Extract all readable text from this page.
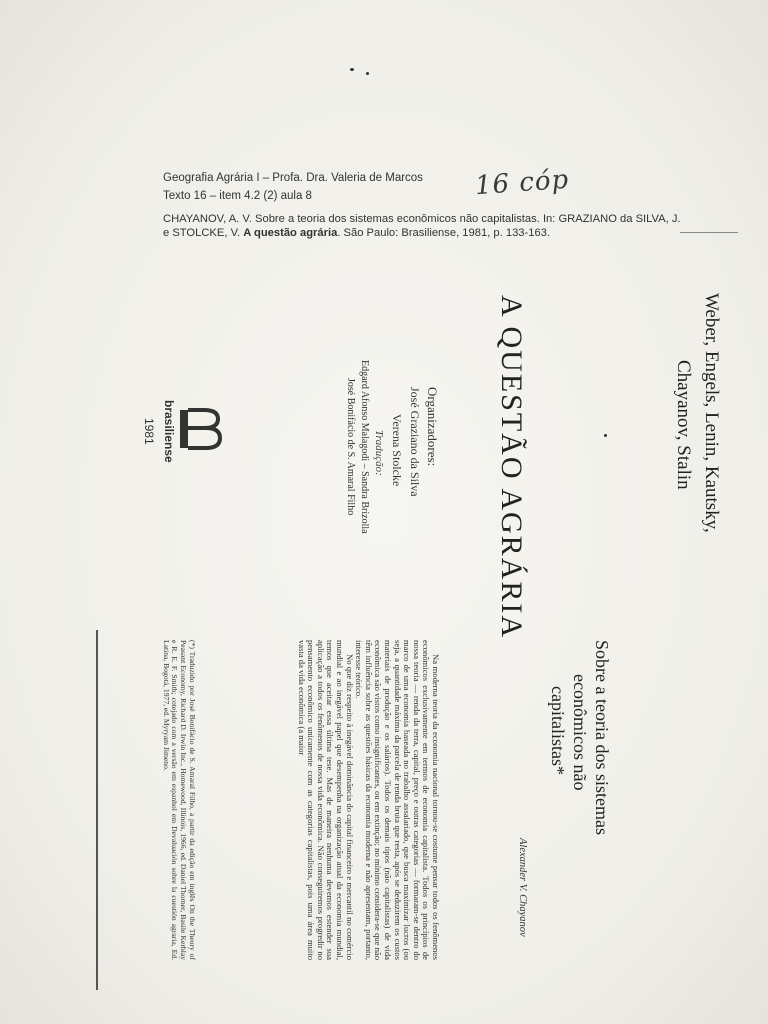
Geografia Agrária I – Profa. Dra. Valeria de Marcos
Texto 16 – item 4.2 (2) aula 8	16 cóp
CHAYANOV, A. V. Sobre a teoria dos sistemas econômicos não capitalistas. In: GRAZIANO da SILVA, J. e STOLCKE, V. A questão agrária. São Paulo: Brasiliense, 1981, p. 133-163.
A QUESTÃO AGRÁRIA	Weber, Engels, Lenin, Kautsky,
Chayanov, Stalin
Organizadores:
José Graziano da Silva
Verena Stolcke
Tradução:
Edgard Afonso Malagodi – Sandra Brizolla
José Bonifácio de S. Amaral Filho
brasiliense
1981
Sobre a teoria dos sistemas
econômicos não
capitalistas*
Alexander V. Chayanov

Na moderna teoria da economia nacional tornou-se costume pensar todos os fenômenos econômicos exclusivamente em termos de economia capitalista. Todos os princípios de nossa teoria — renda da terra, capital, preço e outras categorias — formaram-se dentro do marco de uma economia baseada no trabalho assalariado, que busca maximizar lucros (ou seja, a quantidade máxima da parcela de renda bruta que resta, após se deduzirem os custos materiais de produção e os salários). Todos os demais tipos (não capitalistas) de vida econômica são vistos como insignificantes, ou em extinção; no mínimo considera-se que não têm influência sobre as questões básicas da economia moderna e não apresentam, portanto, interesse teórico.

No que diz respeito à inegável dominância do capital financeiro e mercantil no comércio mundial e ao inegável papel que desempenha na organização atual da economia mundial, temos que aceitar essa última tese. Mas de maneira nenhuma devemos estender sua aplicação a todos os fenômenos de nossa vida econômica. Não conseguiremos progredir no pensamento econômico unicamente com as categorias capitalistas, pois uma área muito vasta da vida econômica (a maior

(*) Traduzido por José Bonifácio de S. Amaral Filho, a partir da edição em inglês On the Theory of Peasant Economy, Richard D. Irwin Inc., Homewood, Illinois, 1966, ed. Daniel Thorner, Basile Kerblay e R. E. F. Smith; cotejado com a versão em espanhol em Devaluación sobre la cuestión agraria, Ed. Latina, Bogotá, 1977, ed. Myryam Jimeno.
